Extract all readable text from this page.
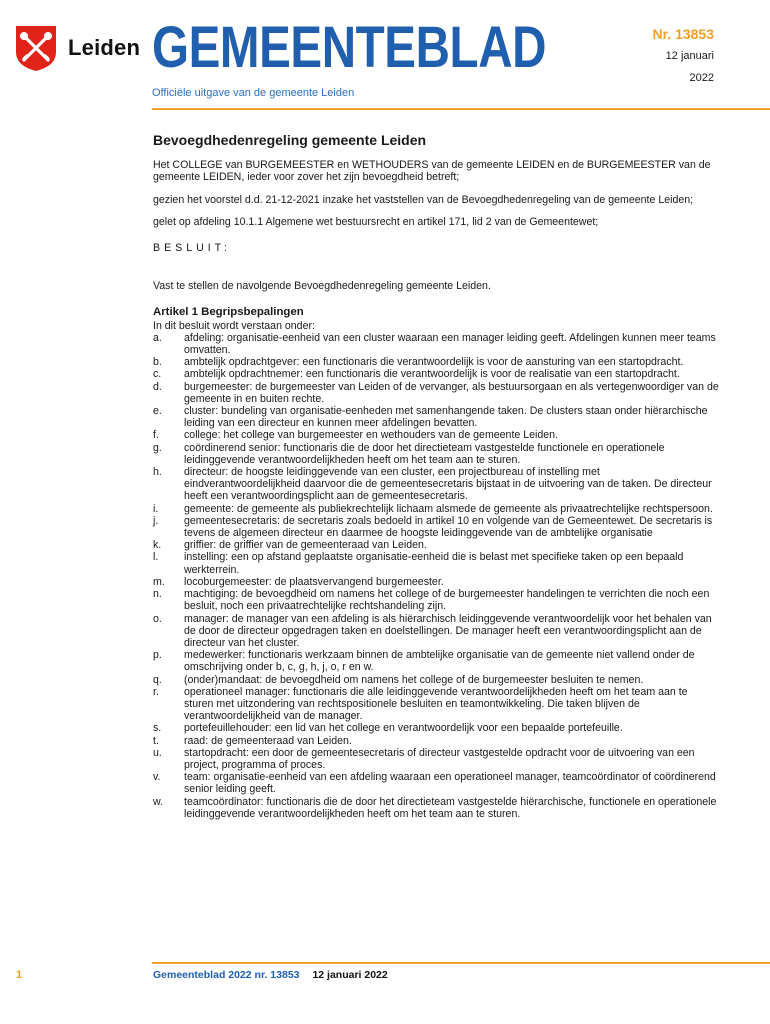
Leiden GEMEENTEBLAD
Officiële uitgave van de gemeente Leiden
Nr. 13853
12 januari
2022
Bevoegdhedenregeling gemeente Leiden

Het COLLEGE van BURGEMEESTER en WETHOUDERS van de gemeente LEIDEN en de BURGEMEESTER van de gemeente LEIDEN, ieder voor zover het zijn bevoegdheid betreft;

gezien het voorstel d.d. 21-12-2021 inzake het vaststellen van de Bevoegdhedenregeling van de gemeente Leiden;

gelet op afdeling 10.1.1 Algemene wet bestuursrecht en artikel 171, lid 2 van de Gemeentewet;

BESLUIT:

Vast te stellen de navolgende Bevoegdhedenregeling gemeente Leiden.

Artikel 1 Begripsbepalingen
In dit besluit wordt verstaan onder:
a.	afdeling: organisatie-eenheid van een cluster waaraan een manager leiding geeft. Afdelingen kunnen meer teams omvatten.
b.	ambtelijk opdrachtgever: een functionaris die verantwoordelijk is voor de aansturing van een startopdracht.
c.	ambtelijk opdrachtnemer: een functionaris die verantwoordelijk is voor de realisatie van een startopdracht.
d.	burgemeester: de burgemeester van Leiden of de vervanger, als bestuursorgaan en als vertegenwoordiger van de gemeente in en buiten rechte.
e.	cluster: bundeling van organisatie-eenheden met samenhangende taken. De clusters staan onder hiërarchische leiding van een directeur en kunnen meer afdelingen bevatten.
f.	college: het college van burgemeester en wethouders van de gemeente Leiden.
g.	coördinerend senior: functionaris die de door het directieteam vastgestelde functionele en operationele leidinggevende verantwoordelijkheden heeft om het team aan te sturen.
h.	directeur: de hoogste leidinggevende van een cluster, een projectbureau of instelling met eindverantwoordelijkheid daarvoor die de gemeentesecretaris bijstaat in de uitvoering van de taken. De directeur heeft een verantwoordingsplicht aan de gemeentesecretaris.
i.	gemeente: de gemeente als publiekrechtelijk lichaam alsmede de gemeente als privaatrechtelijke rechtspersoon.
j.	gemeentesecretaris: de secretaris zoals bedoeld in artikel 10 en volgende van de Gemeentewet. De secretaris is tevens de algemeen directeur en daarmee de hoogste leidinggevende van de ambtelijke organisatie
k.	griffier: de griffier van de gemeenteraad van Leiden.
l.	instelling: een op afstand geplaatste organisatie-eenheid die is belast met specifieke taken op een bepaald werkterrein.
m.	locoburgemeester: de plaatsvervangend burgemeester.
n.	machtiging: de bevoegdheid om namens het college of de burgemeester handelingen te verrichten die noch een besluit, noch een privaatrechtelijke rechtshandeling zijn.
o.	manager: de manager van een afdeling is als hiërarchisch leidinggevende verantwoordelijk voor het behalen van de door de directeur opgedragen taken en doelstellingen. De manager heeft een verantwoordingsplicht aan de directeur van het cluster.
p.	medewerker: functionaris werkzaam binnen de ambtelijke organisatie van de gemeente niet vallend onder de omschrijving onder b, c, g, h, j, o, r en w.
q.	(onder)mandaat: de bevoegdheid om namens het college of de burgemeester besluiten te nemen.
r.	operationeel manager: functionaris die alle leidinggevende verantwoordelijkheden heeft om het team aan te sturen met uitzondering van rechtspositionele besluiten en teamontwikkeling. Die taken blijven de verantwoordelijkheid van de manager.
s.	portefeuillehouder: een lid van het college en verantwoordelijk voor een bepaalde portefeuille.
t.	raad: de gemeenteraad van Leiden.
u.	startopdracht: een door de gemeentesecretaris of directeur vastgestelde opdracht voor de uitvoering van een project, programma of proces.
v.	team: organisatie-eenheid van een afdeling waaraan een operationeel manager, teamcoördinator of coördinerend senior leiding geeft.
w.	teamcoördinator: functionaris die de door het directieteam vastgestelde hiërarchische, functionele en operationele leidinggevende verantwoordelijkheden heeft om het team aan te sturen.
1	Gemeenteblad 2022 nr. 13853 12 januari 2022
